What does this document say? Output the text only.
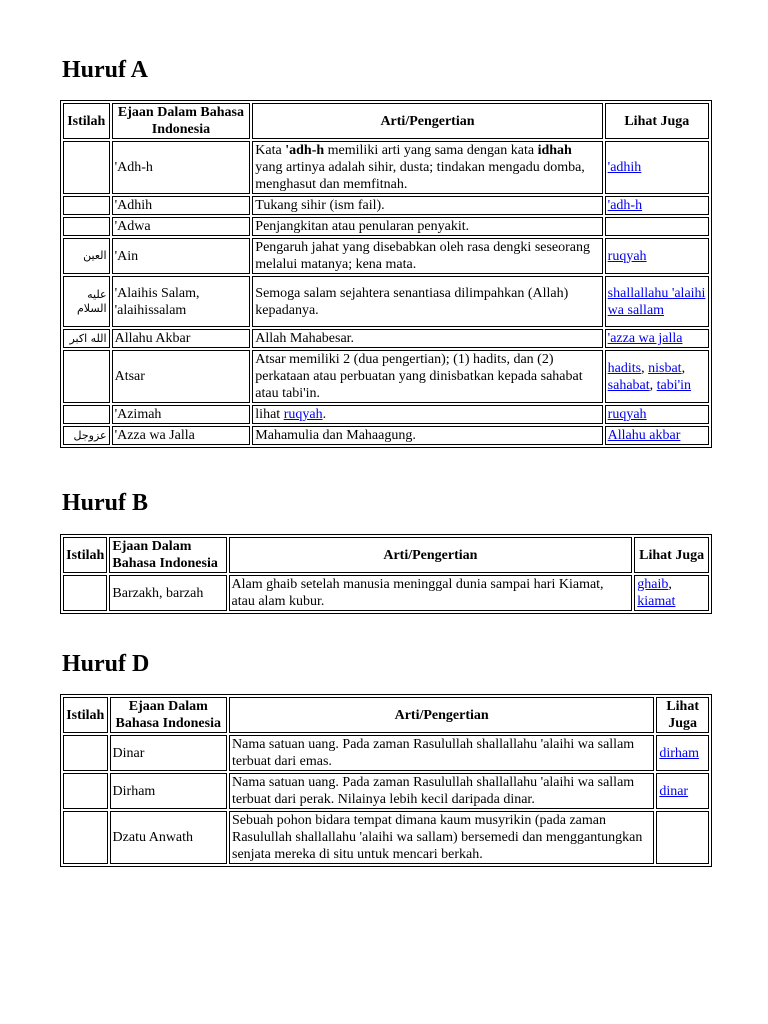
Huruf A
Istilah	Ejaan Dalam Bahasa Indonesia	Arti/Pengertian	Lihat Juga
	'Adh-h	Kata 'adh-h memiliki arti yang sama dengan kata idhah yang artinya adalah sihir, dusta; tindakan mengadu domba, menghasut dan memfitnah.	'adhih
	'Adhih	Tukang sihir (ism fail).	'adh-h
	'Adwa	Penjangkitan atau penularan penyakit.	
العين	'Ain	Pengaruh jahat yang disebabkan oleh rasa dengki seseorang melalui matanya; kena mata.	ruqyah
عليه السلام	'Alaihis Salam, 'alaihissalam	Semoga salam sejahtera senantiasa dilimpahkan (Allah) kepadanya.	shallallahu 'alaihi wa sallam
الله اكبر	Allahu Akbar	Allah Mahabesar.	'azza wa jalla
	Atsar	Atsar memiliki 2 (dua pengertian); (1) hadits, dan (2) perkataan atau perbuatan yang dinisbatkan kepada sahabat atau tabi'in.	hadits, nisbat, sahabat, tabi'in
	'Azimah	lihat ruqyah.	ruqyah
عزوجل	'Azza wa Jalla	Mahamulia dan Mahaagung.	Allahu akbar
Huruf B
Istilah	Ejaan Dalam Bahasa Indonesia	Arti/Pengertian	Lihat Juga
	Barzakh, barzah	Alam ghaib setelah manusia meninggal dunia sampai hari Kiamat, atau alam kubur.	ghaib, kiamat
Huruf D
Istilah	Ejaan Dalam Bahasa Indonesia	Arti/Pengertian	Lihat Juga
	Dinar	Nama satuan uang. Pada zaman Rasulullah shallallahu 'alaihi wa sallam terbuat dari emas.	dirham
	Dirham	Nama satuan uang. Pada zaman Rasulullah shallallahu 'alaihi wa sallam terbuat dari perak. Nilainya lebih kecil daripada dinar.	dinar
	Dzatu Anwath	Sebuah pohon bidara tempat dimana kaum musyrikin (pada zaman Rasulullah shallallahu 'alaihi wa sallam) bersemedi dan menggantungkan senjata mereka di situ untuk mencari berkah.	
